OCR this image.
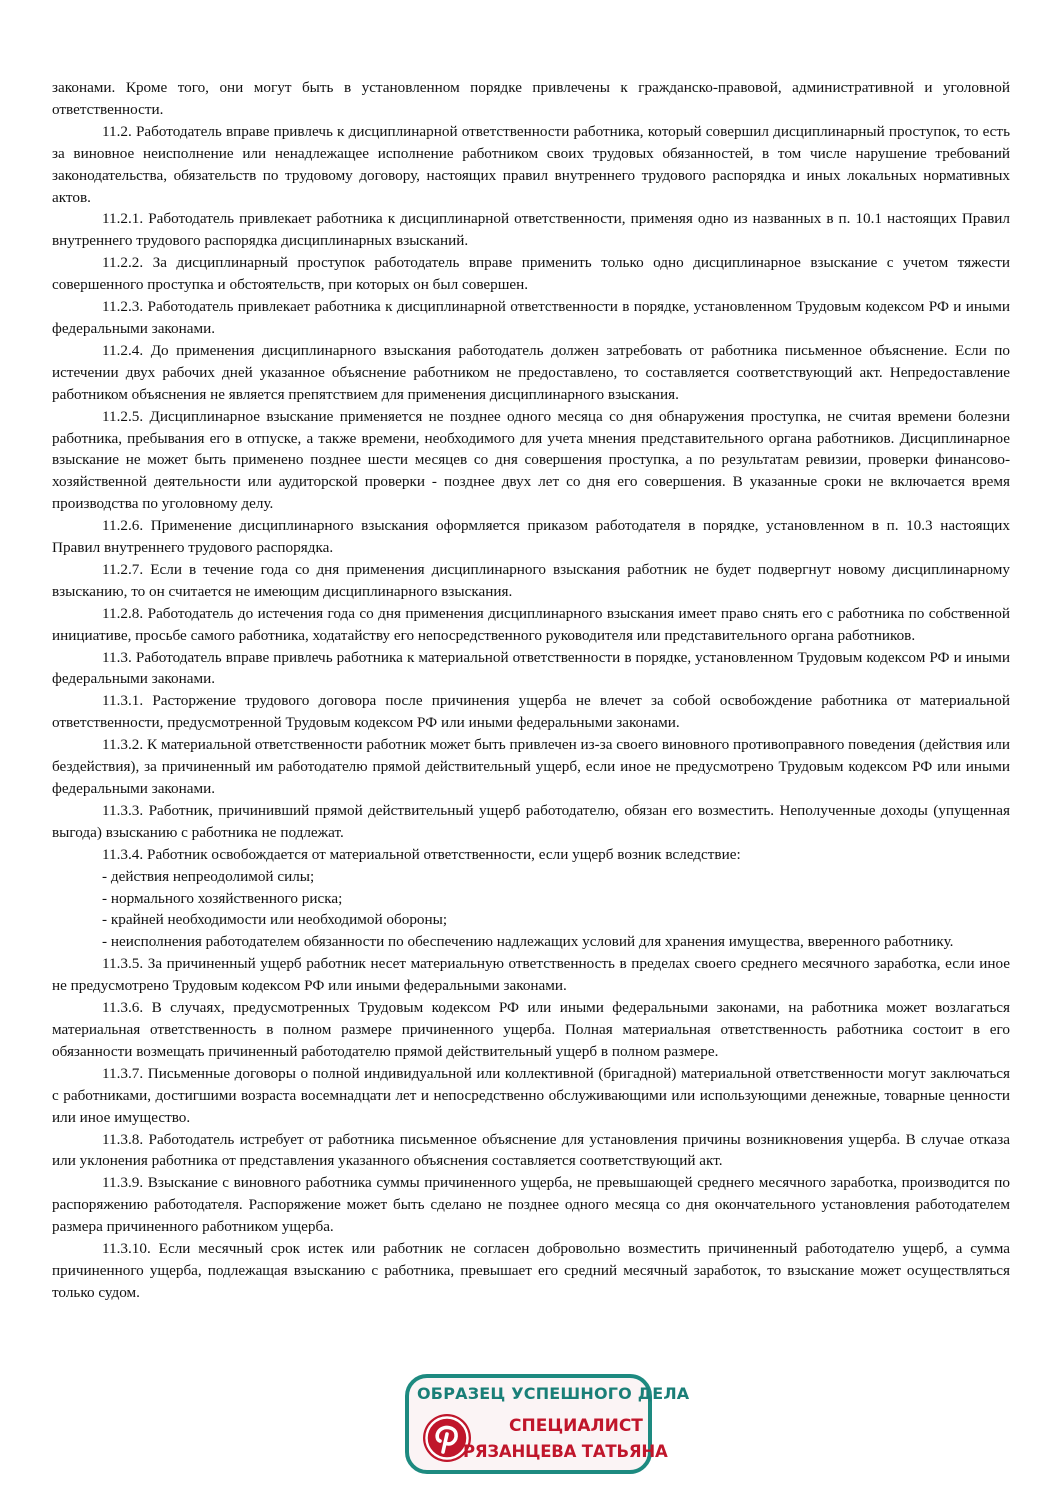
законами. Кроме того, они могут быть в установленном порядке привлечены к гражданско-правовой, административной и уголовной ответственности.

11.2. Работодатель вправе привлечь к дисциплинарной ответственности работника, который совершил дисциплинарный проступок, то есть за виновное неисполнение или ненадлежащее исполнение работником своих трудовых обязанностей, в том числе нарушение требований законодательства, обязательств по трудовому договору, настоящих правил внутреннего трудового распорядка и иных локальных нормативных актов.

11.2.1. Работодатель привлекает работника к дисциплинарной ответственности, применяя одно из названных в п. 10.1 настоящих Правил внутреннего трудового распорядка дисциплинарных взысканий.

11.2.2. За дисциплинарный проступок работодатель вправе применить только одно дисциплинарное взыскание с учетом тяжести совершенного проступка и обстоятельств, при которых он был совершен.

11.2.3. Работодатель привлекает работника к дисциплинарной ответственности в порядке, установленном Трудовым кодексом РФ и иными федеральными законами.

11.2.4. До применения дисциплинарного взыскания работодатель должен затребовать от работника письменное объяснение. Если по истечении двух рабочих дней указанное объяснение работником не предоставлено, то составляется соответствующий акт. Непредоставление работником объяснения не является препятствием для применения дисциплинарного взыскания.

11.2.5. Дисциплинарное взыскание применяется не позднее одного месяца со дня обнаружения проступка, не считая времени болезни работника, пребывания его в отпуске, а также времени, необходимого для учета мнения представительного органа работников. Дисциплинарное взыскание не может быть применено позднее шести месяцев со дня совершения проступка, а по результатам ревизии, проверки финансово-хозяйственной деятельности или аудиторской проверки - позднее двух лет со дня его совершения. В указанные сроки не включается время производства по уголовному делу.

11.2.6. Применение дисциплинарного взыскания оформляется приказом работодателя в порядке, установленном в п. 10.3 настоящих Правил внутреннего трудового распорядка.

11.2.7. Если в течение года со дня применения дисциплинарного взыскания работник не будет подвергнут новому дисциплинарному взысканию, то он считается не имеющим дисциплинарного взыскания.

11.2.8. Работодатель до истечения года со дня применения дисциплинарного взыскания имеет право снять его с работника по собственной инициативе, просьбе самого работника, ходатайству его непосредственного руководителя или представительного органа работников.

11.3. Работодатель вправе привлечь работника к материальной ответственности в порядке, установленном Трудовым кодексом РФ и иными федеральными законами.

11.3.1. Расторжение трудового договора после причинения ущерба не влечет за собой освобождение работника от материальной ответственности, предусмотренной Трудовым кодексом РФ или иными федеральными законами.

11.3.2. К материальной ответственности работник может быть привлечен из-за своего виновного противоправного поведения (действия или бездействия), за причиненный им работодателю прямой действительный ущерб, если иное не предусмотрено Трудовым кодексом РФ или иными федеральными законами.

11.3.3. Работник, причинивший прямой действительный ущерб работодателю, обязан его возместить. Неполученные доходы (упущенная выгода) взысканию с работника не подлежат.

11.3.4. Работник освобождается от материальной ответственности, если ущерб возник вследствие:

- действия непреодолимой силы;

- нормального хозяйственного риска;

- крайней необходимости или необходимой обороны;

- неисполнения работодателем обязанности по обеспечению надлежащих условий для хранения имущества, вверенного работнику.

11.3.5. За причиненный ущерб работник несет материальную ответственность в пределах своего среднего месячного заработка, если иное не предусмотрено Трудовым кодексом РФ или иными федеральными законами.

11.3.6. В случаях, предусмотренных Трудовым кодексом РФ или иными федеральными законами, на работника может возлагаться материальная ответственность в полном размере причиненного ущерба. Полная материальная ответственность работника состоит в его обязанности возмещать причиненный работодателю прямой действительный ущерб в полном размере.

11.3.7. Письменные договоры о полной индивидуальной или коллективной (бригадной) материальной ответственности могут заключаться с работниками, достигшими возраста восемнадцати лет и непосредственно обслуживающими или использующими денежные, товарные ценности или иное имущество.

11.3.8. Работодатель истребует от работника письменное объяснение для установления причины возникновения ущерба. В случае отказа или уклонения работника от представления указанного объяснения составляется соответствующий акт.

11.3.9. Взыскание с виновного работника суммы причиненного ущерба, не превышающей среднего месячного заработка, производится по распоряжению работодателя. Распоряжение может быть сделано не позднее одного месяца со дня окончательного установления работодателем размера причиненного работником ущерба.

11.3.10. Если месячный срок истек или работник не согласен добровольно возместить причиненный работодателю ущерб, а сумма причиненного ущерба, подлежащая взысканию с работника, превышает его средний месячный заработок, то взыскание может осуществляться только судом.

ОБРАЗЕЦ УСПЕШНОГО ДЕЛА
СПЕЦИАЛИСТ
РЯЗАНЦЕВА ТАТЬЯНА
